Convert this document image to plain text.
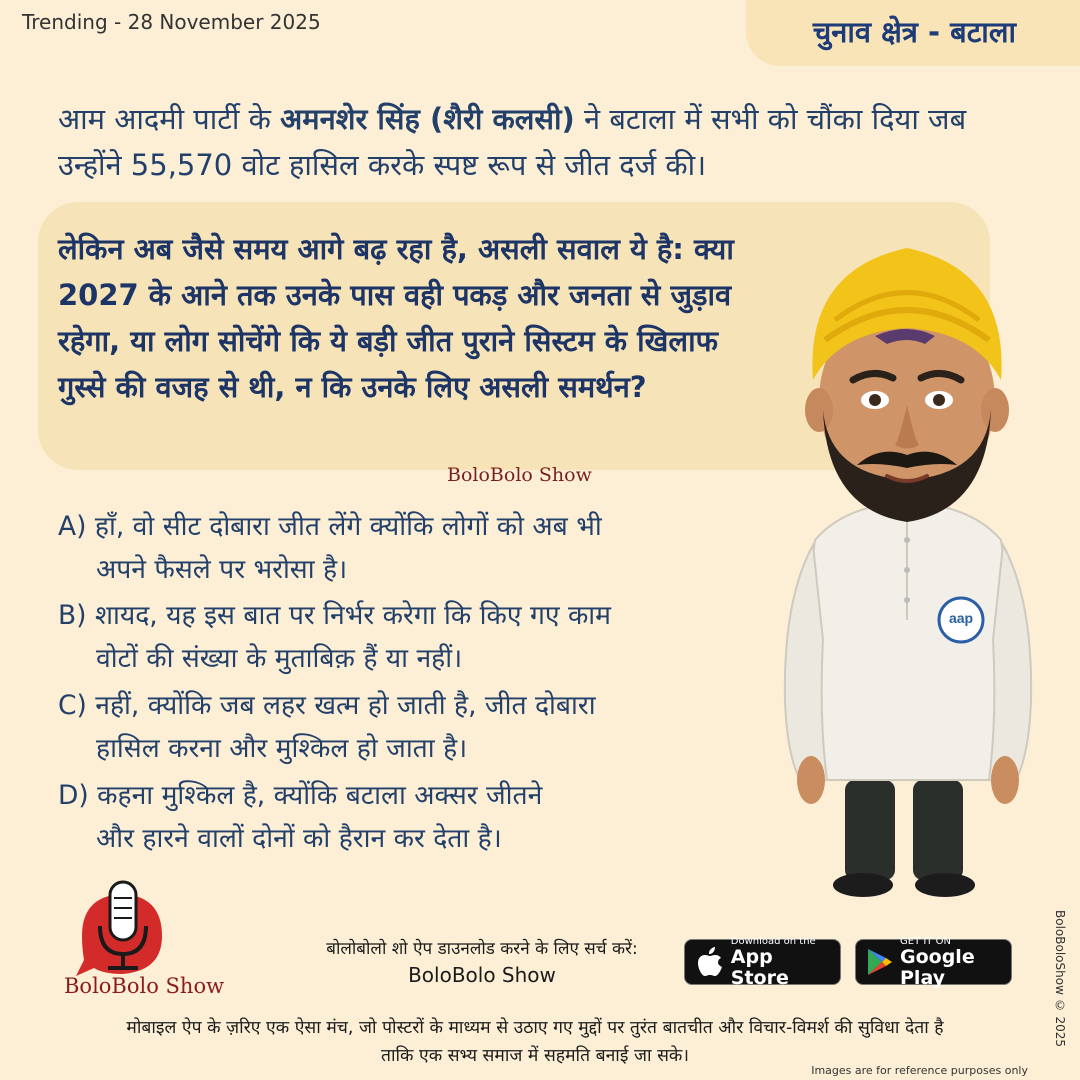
Trending - 28 November 2025	चुनाव क्षेत्र - बटाला
आम आदमी पार्टी के अमनशेर सिंह (शैरी कलसी) ने बटाला में सभी को चौंका दिया जब उन्होंने 55,570 वोट हासिल करके स्पष्ट रूप से जीत दर्ज की।
लेकिन अब जैसे समय आगे बढ़ रहा है, असली सवाल ये है: क्या 2027 के आने तक उनके पास वही पकड़ और जनता से जुड़ाव रहेगा, या लोग सोचेंगे कि ये बड़ी जीत पुराने सिस्टम के खिलाफ गुस्से की वजह से थी, न कि उनके लिए असली समर्थन?
BoloBolo Show
A) हाँ, वो सीट दोबारा जीत लेंगे क्योंकि लोगों को अब भी
अपने फैसले पर भरोसा है।
B) शायद, यह इस बात पर निर्भर करेगा कि किए गए काम
वोटों की संख्या के मुताबिक़ हैं या नहीं।
C) नहीं, क्योंकि जब लहर खत्म हो जाती है, जीत दोबारा
हासिल करना और मुश्किल हो जाता है।
D) कहना मुश्किल है, क्योंकि बटाला अक्सर जीतने
और हारने वालों दोनों को हैरान कर देता है।
aap
BoloBolo Show
बोलोबोलो शो ऐप डाउनलोड करने के लिए सर्च करें:
BoloBolo Show
Download on the
App Store
GET IT ON
Google Play
मोबाइल ऐप के ज़रिए एक ऐसा मंच, जो पोस्टरों के माध्यम से उठाए गए मुद्दों पर तुरंत बातचीत और विचार-विमर्श की सुविधा देता है
ताकि एक सभ्य समाज में सहमति बनाई जा सके।
Images are for reference purposes only
BoloBoloShow © 2025
